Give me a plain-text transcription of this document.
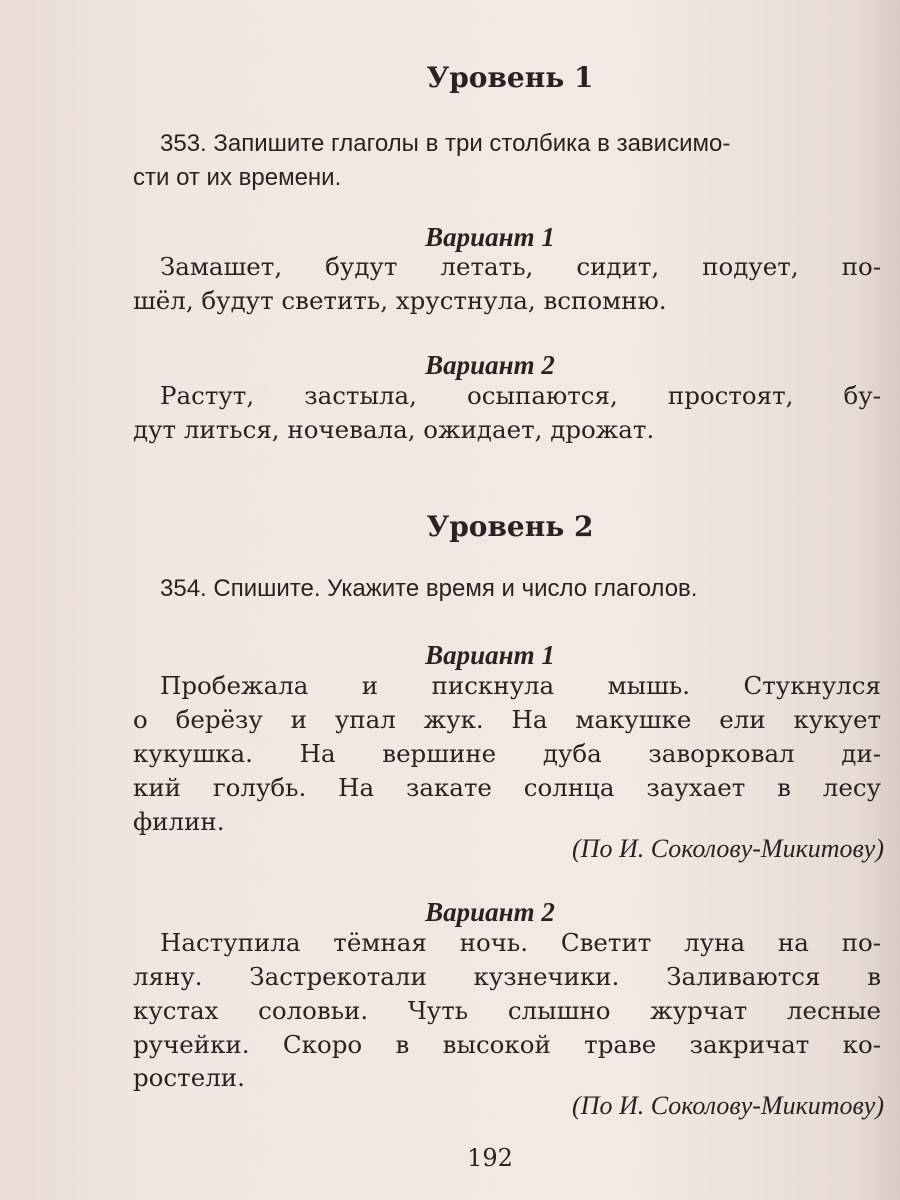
Уровень 1
353. Запишите глаголы в три столбика в зависимо-
сти от их времени.
Вариант 1
Замашет, будут летать, сидит, подует, по-
шёл, будут светить, хрустнула, вспомню.
Вариант 2
Растут, застыла, осыпаются, простоят, бу-
дут литься, ночевала, ожидает, дрожат.
Уровень 2
354. Спишите. Укажите время и число глаголов.
Вариант 1
Пробежала и пискнула мышь. Стукнулся
о берёзу и упал жук. На макушке ели кукует
кукушка. На вершине дуба заворковал ди-
кий голубь. На закате солнца заухает в лесу
филин.
(По И. Соколову-Микитову)
Вариант 2
Наступила тёмная ночь. Светит луна на по-
ляну. Застрекотали кузнечики. Заливаются в
кустах соловьи. Чуть слышно журчат лесные
ручейки. Скоро в высокой траве закричат ко-
ростели.
(По И. Соколову-Микитову)
192
